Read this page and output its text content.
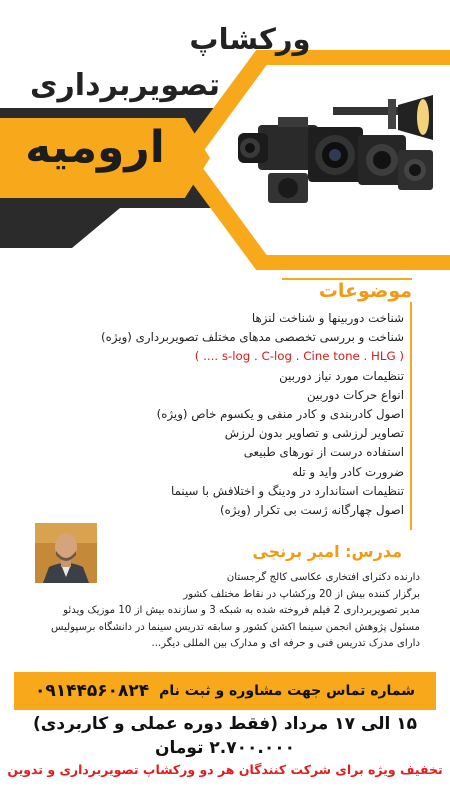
ورکشاپ
تصویربرداری
ارومیه
موضوعات
شناخت دوربینها و شناخت لنزها
شناخت و بررسی تخصصی مدهای مختلف تصویربرداری (ویژه)
( s-log . C-log . Cine tone . HLG .... )
تنظیمات مورد نیاز دوربین
انواع حرکات دوربین
اصول کادربندی و کادر منفی و یکسوم خاص (ویژه)
تصاویر لرزشی و تصاویر بدون لرزش
استفاده درست از نورهای طبیعی
ضرورت کادر واید و تله
تنظیمات استاندارد در ودینگ و اختلافش با سینما
اصول چهارگانه ژست بی تکرار (ویژه)
مدرس: امیر برنجی
دارنده دکترای افتخاری عکاسی کالج گرجستان
برگزار کننده بیش از 20 ورکشاپ در نقاط مختلف کشور
مدیر تصویربرداری 2 فیلم فروخته شده به شبکه 3 و سازنده بیش از 10 موزیک ویدئو
مسئول پژوهش انجمن سینما اکشن کشور و سابقه تدریس سینما در دانشگاه برسپولیس
دارای مدرک تدریس فنی و حرفه ای و مدارک بین المللی دیگر...
شماره تماس جهت مشاوره و ثبت نام
۰۹۱۴۴۵۶۰۸۲۴
۱۵ الی ۱۷ مرداد (فقط دوره عملی و کاربردی)
۲.۷۰۰.۰۰۰ تومان
تخفیف ویژه برای شرکت کنندگان هر دو ورکشاپ تصویربرداری و تدوین
